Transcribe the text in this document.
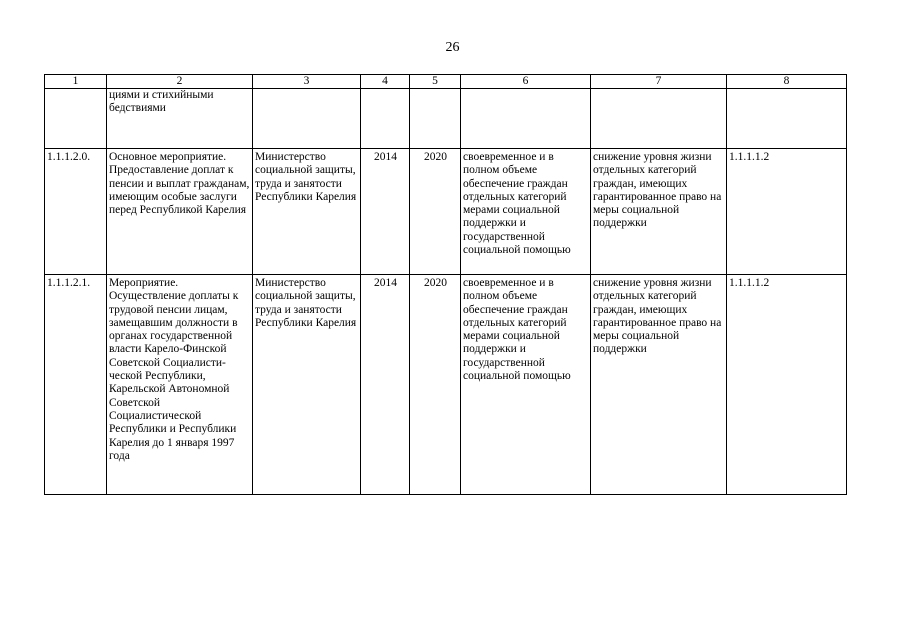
26
1	2	3	4	5	6	7	8
	циями и стихийными бедствиями						
1.1.1.2.0.	Основное мероприятие. Предоставление доплат к пенсии и выплат гражданам, имеющим особые заслуги перед Республикой Карелия	Министерство социальной защиты, труда и занятости Республики Карелия	2014	2020	своевременное и в полном объеме обеспечение граждан отдельных категорий мерами социальной поддержки и государственной социальной помощью	снижение уровня жизни отдельных категорий граждан, имеющих гарантированное право на меры социальной поддержки	1.1.1.1.2
1.1.1.2.1.	Мероприятие. Осуществление доплаты к трудовой пенсии лицам, замещавшим должности в органах государственной власти Карело-Финской Советской Социалисти-ческой Республики, Карельской Автономной Советской Социалистической Республики и Республики Карелия до 1 января 1997 года	Министерство социальной защиты, труда и занятости Республики Карелия	2014	2020	своевременное и в полном объеме обеспечение граждан отдельных категорий мерами социальной поддержки и государственной социальной помощью	снижение уровня жизни отдельных категорий граждан, имеющих гарантированное право на меры социальной поддержки	1.1.1.1.2
